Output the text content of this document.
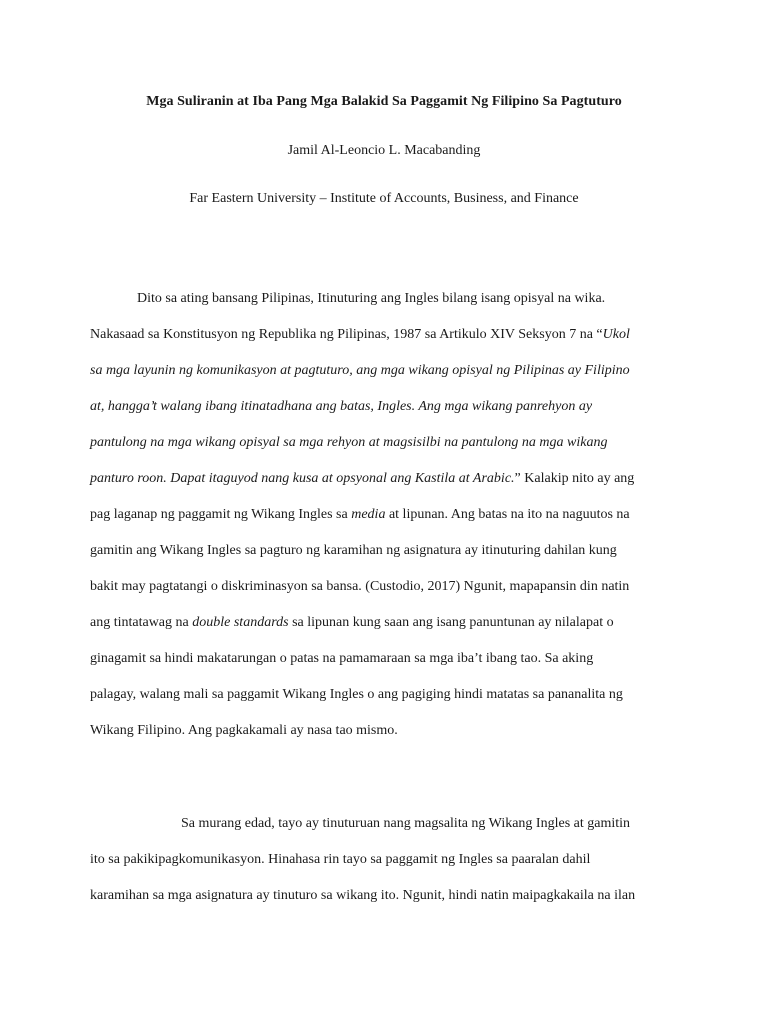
Mga Suliranin at Iba Pang Mga Balakid Sa Paggamit Ng Filipino Sa Pagtuturo
Jamil Al-Leoncio L. Macabanding
Far Eastern University – Institute of Accounts, Business, and Finance
Dito sa ating bansang Pilipinas, Itinuturing ang Ingles bilang isang opisyal na wika.
Nakasaad sa Konstitusyon ng Republika ng Pilipinas, 1987 sa Artikulo XIV Seksyon 7 na “Ukol
sa mga layunin ng komunikasyon at pagtuturo, ang mga wikang opisyal ng Pilipinas ay Filipino
at, hangga’t walang ibang itinatadhana ang batas, Ingles. Ang mga wikang panrehyon ay
pantulong na mga wikang opisyal sa mga rehyon at magsisilbi na pantulong na mga wikang
panturo roon. Dapat itaguyod nang kusa at opsyonal ang Kastila at Arabic.” Kalakip nito ay ang
pag laganap ng paggamit ng Wikang Ingles sa media at lipunan. Ang batas na ito na naguutos na
gamitin ang Wikang Ingles sa pagturo ng karamihan ng asignatura ay itinuturing dahilan kung
bakit may pagtatangi o diskriminasyon sa bansa. (Custodio, 2017) Ngunit, mapapansin din natin
ang tintatawag na double standards sa lipunan kung saan ang isang panuntunan ay nilalapat o
ginagamit sa hindi makatarungan o patas na pamamaraan sa mga iba’t ibang tao. Sa aking
palagay, walang mali sa paggamit Wikang Ingles o ang pagiging hindi matatas sa pananalita ng
Wikang Filipino. Ang pagkakamali ay nasa tao mismo.
Sa murang edad, tayo ay tinuturuan nang magsalita ng Wikang Ingles at gamitin
ito sa pakikipagkomunikasyon. Hinahasa rin tayo sa paggamit ng Ingles sa paaralan dahil
karamihan sa mga asignatura ay tinuturo sa wikang ito. Ngunit, hindi natin maipagkakaila na ilan
